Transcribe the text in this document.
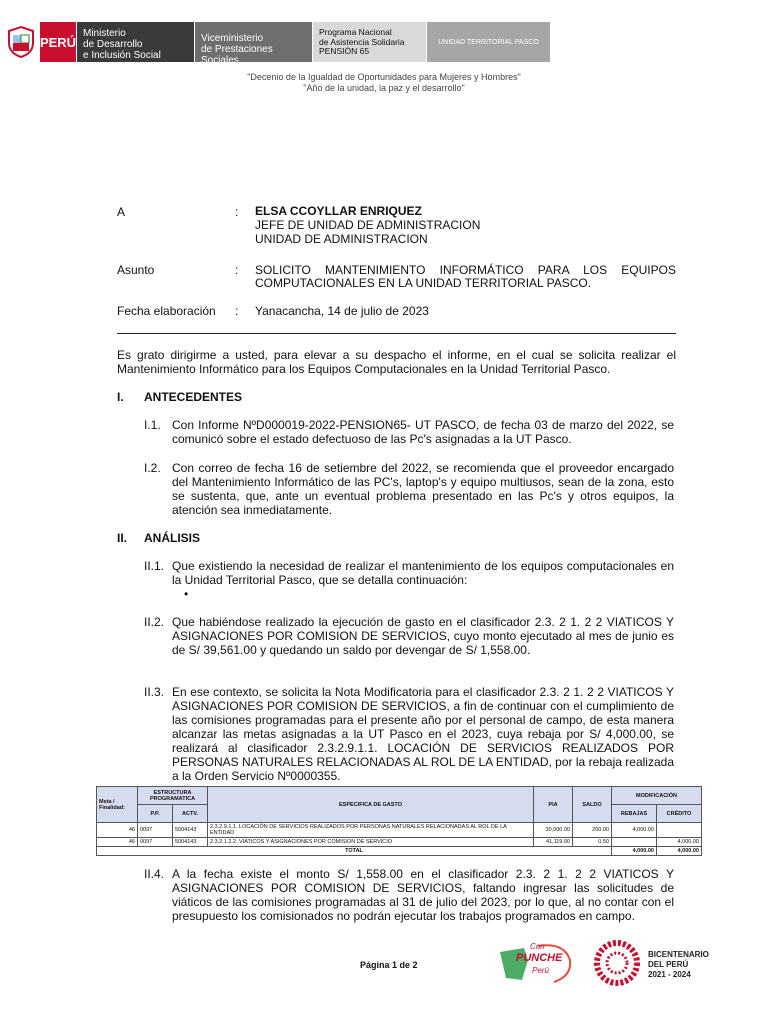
PERÚ
Ministerio
de Desarrollo
e Inclusión Social
Viceministerio
de Prestaciones Sociales
Programa Nacional
de Asistencia Solidaria
PENSIÓN 65
UNIDAD TERRITORIAL PASCO
"Decenio de la Igualdad de Oportunidades para Mujeres y Hombres"
"Año de la unidad, la paz y el desarrollo"
A	: ELSA CCOYLLAR ENRIQUEZ
JEFE DE UNIDAD DE ADMINISTRACION
UNIDAD DE ADMINISTRACION
Asunto	: SOLICITO MANTENIMIENTO INFORMÁTICO PARA LOS EQUIPOS
COMPUTACIONALES EN LA UNIDAD TERRITORIAL PASCO.
Fecha elaboración : Yanacancha, 14 de julio de 2023
Es grato dirigirme a usted, para elevar a su despacho el informe, en el cual se solicita realizar el Mantenimiento Informático para los Equipos Computacionales en la Unidad Territorial Pasco.
I. ANTECEDENTES
I.1. Con Informe NºD000019-2022-PENSION65- UT PASCO, de fecha 03 de marzo del 2022, se comunicó sobre el estado defectuoso de las Pc's asignadas a la UT Pasco.
I.2. Con correo de fecha 16 de setiembre del 2022, se recomienda que el proveedor encargado del Mantenimiento Informático de las PC's, laptop's y equipo multiusos, sean de la zona, esto se sustenta, que, ante un eventual problema presentado en las Pc's y otros equipos, la atención sea inmediatamente.
II. ANÁLISIS
II.1. Que existiendo la necesidad de realizar el mantenimiento de los equipos computacionales en la Unidad Territorial Pasco, que se detalla continuación:
•
II.2. Que habiéndose realizado la ejecución de gasto en el clasificador 2.3. 2 1. 2 2 VIATICOS Y ASIGNACIONES POR COMISION DE SERVICIOS, cuyo monto ejecutado al mes de junio es de S/ 39,561.00 y quedando un saldo por devengar de S/ 1,558.00.
II.3. En ese contexto, se solicita la Nota Modificatoria para el clasificador 2.3. 2 1. 2 2 VIATICOS Y ASIGNACIONES POR COMISION DE SERVICIOS, a fin de continuar con el cumplimiento de las comisiones programadas para el presente año por el personal de campo, de esta manera alcanzar las metas asignadas a la UT Pasco en el 2023, cuya rebaja por S/ 4,000.00, se realizará al clasificador 2.3.2.9.1.1. LOCACIÓN DE SERVICIOS REALIZADOS POR PERSONAS NATURALES RELACIONADAS AL ROL DE LA ENTIDAD, por la rebaja realizada a la Orden Servicio Nº0000355.
Meta / Finalidad:	ESTRUCTURA PROGRAMATICA		ESPECIFICA DE GASTO	PIA	SALDO	MODIFICACIÓN	
	P.P.	ACTV.				REBAJAS	CRÉDITO
46	0097	5004143	2.3.2.9.1.1. LOCACIÓN DE SERVICIOS REALIZADOS POR PERSONAS NATURALES RELACIONADAS AL ROL DE LA ENTIDAD	30,000.00	200.00	4,000.00	
46	0097	5004143	2.3.2.1.2.2. VIATICOS Y ASIGNACIONES POR COMISION DE SERVICIO	41,119.00	0.50		4,000.00
TOTAL						4,000.00	4,000.00
II.4. A la fecha existe el monto S/ 1,558.00 en el clasificador 2.3. 2 1. 2 2 VIATICOS Y ASIGNACIONES POR COMISION DE SERVICIOS, faltando ingresar las solicitudes de viáticos de las comisiones programadas al 31 de julio del 2023, por lo que, al no contar con el presupuesto los comisionados no podrán ejecutar los trabajos programados en campo.
Página 1 de 2
Con
PUNCHE
Perú
BICENTENARIO
DEL PERÚ
2021 - 2024
